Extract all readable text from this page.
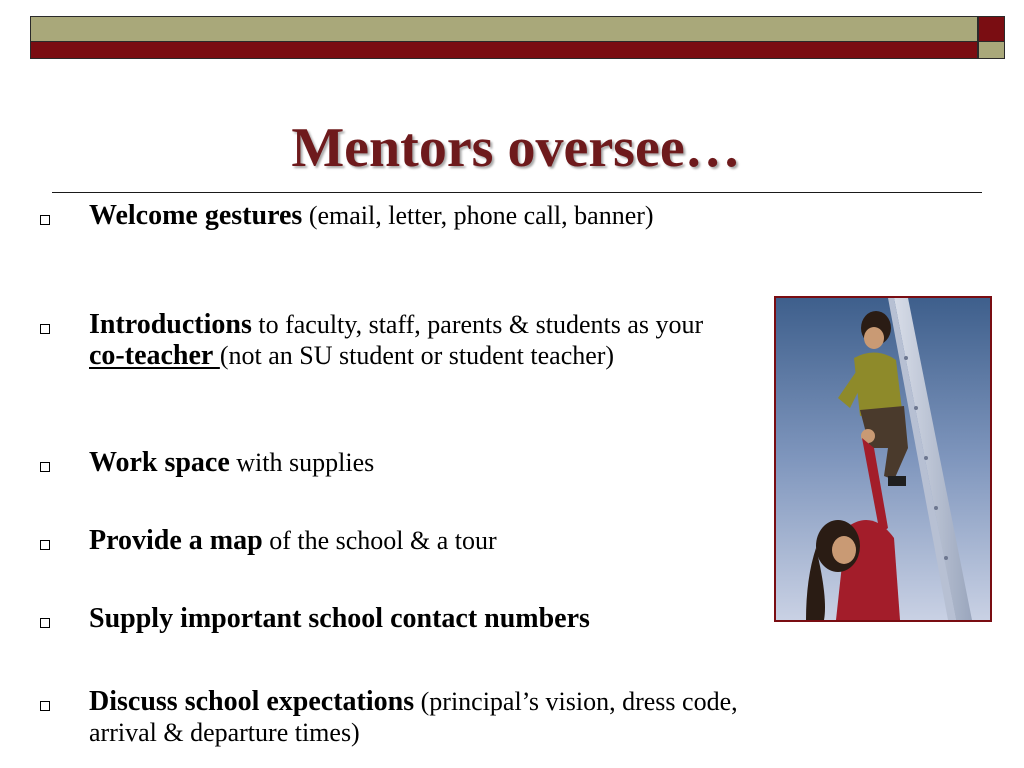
Mentors oversee…
Welcome gestures (email, letter, phone call, banner)
Introductions to faculty, staff, parents & students as your co-teacher (not an SU student or student teacher)
Work space with supplies
Provide a map of the school & a tour
Supply important school contact numbers
Discuss school expectations (principal’s vision, dress code, arrival & departure times)
